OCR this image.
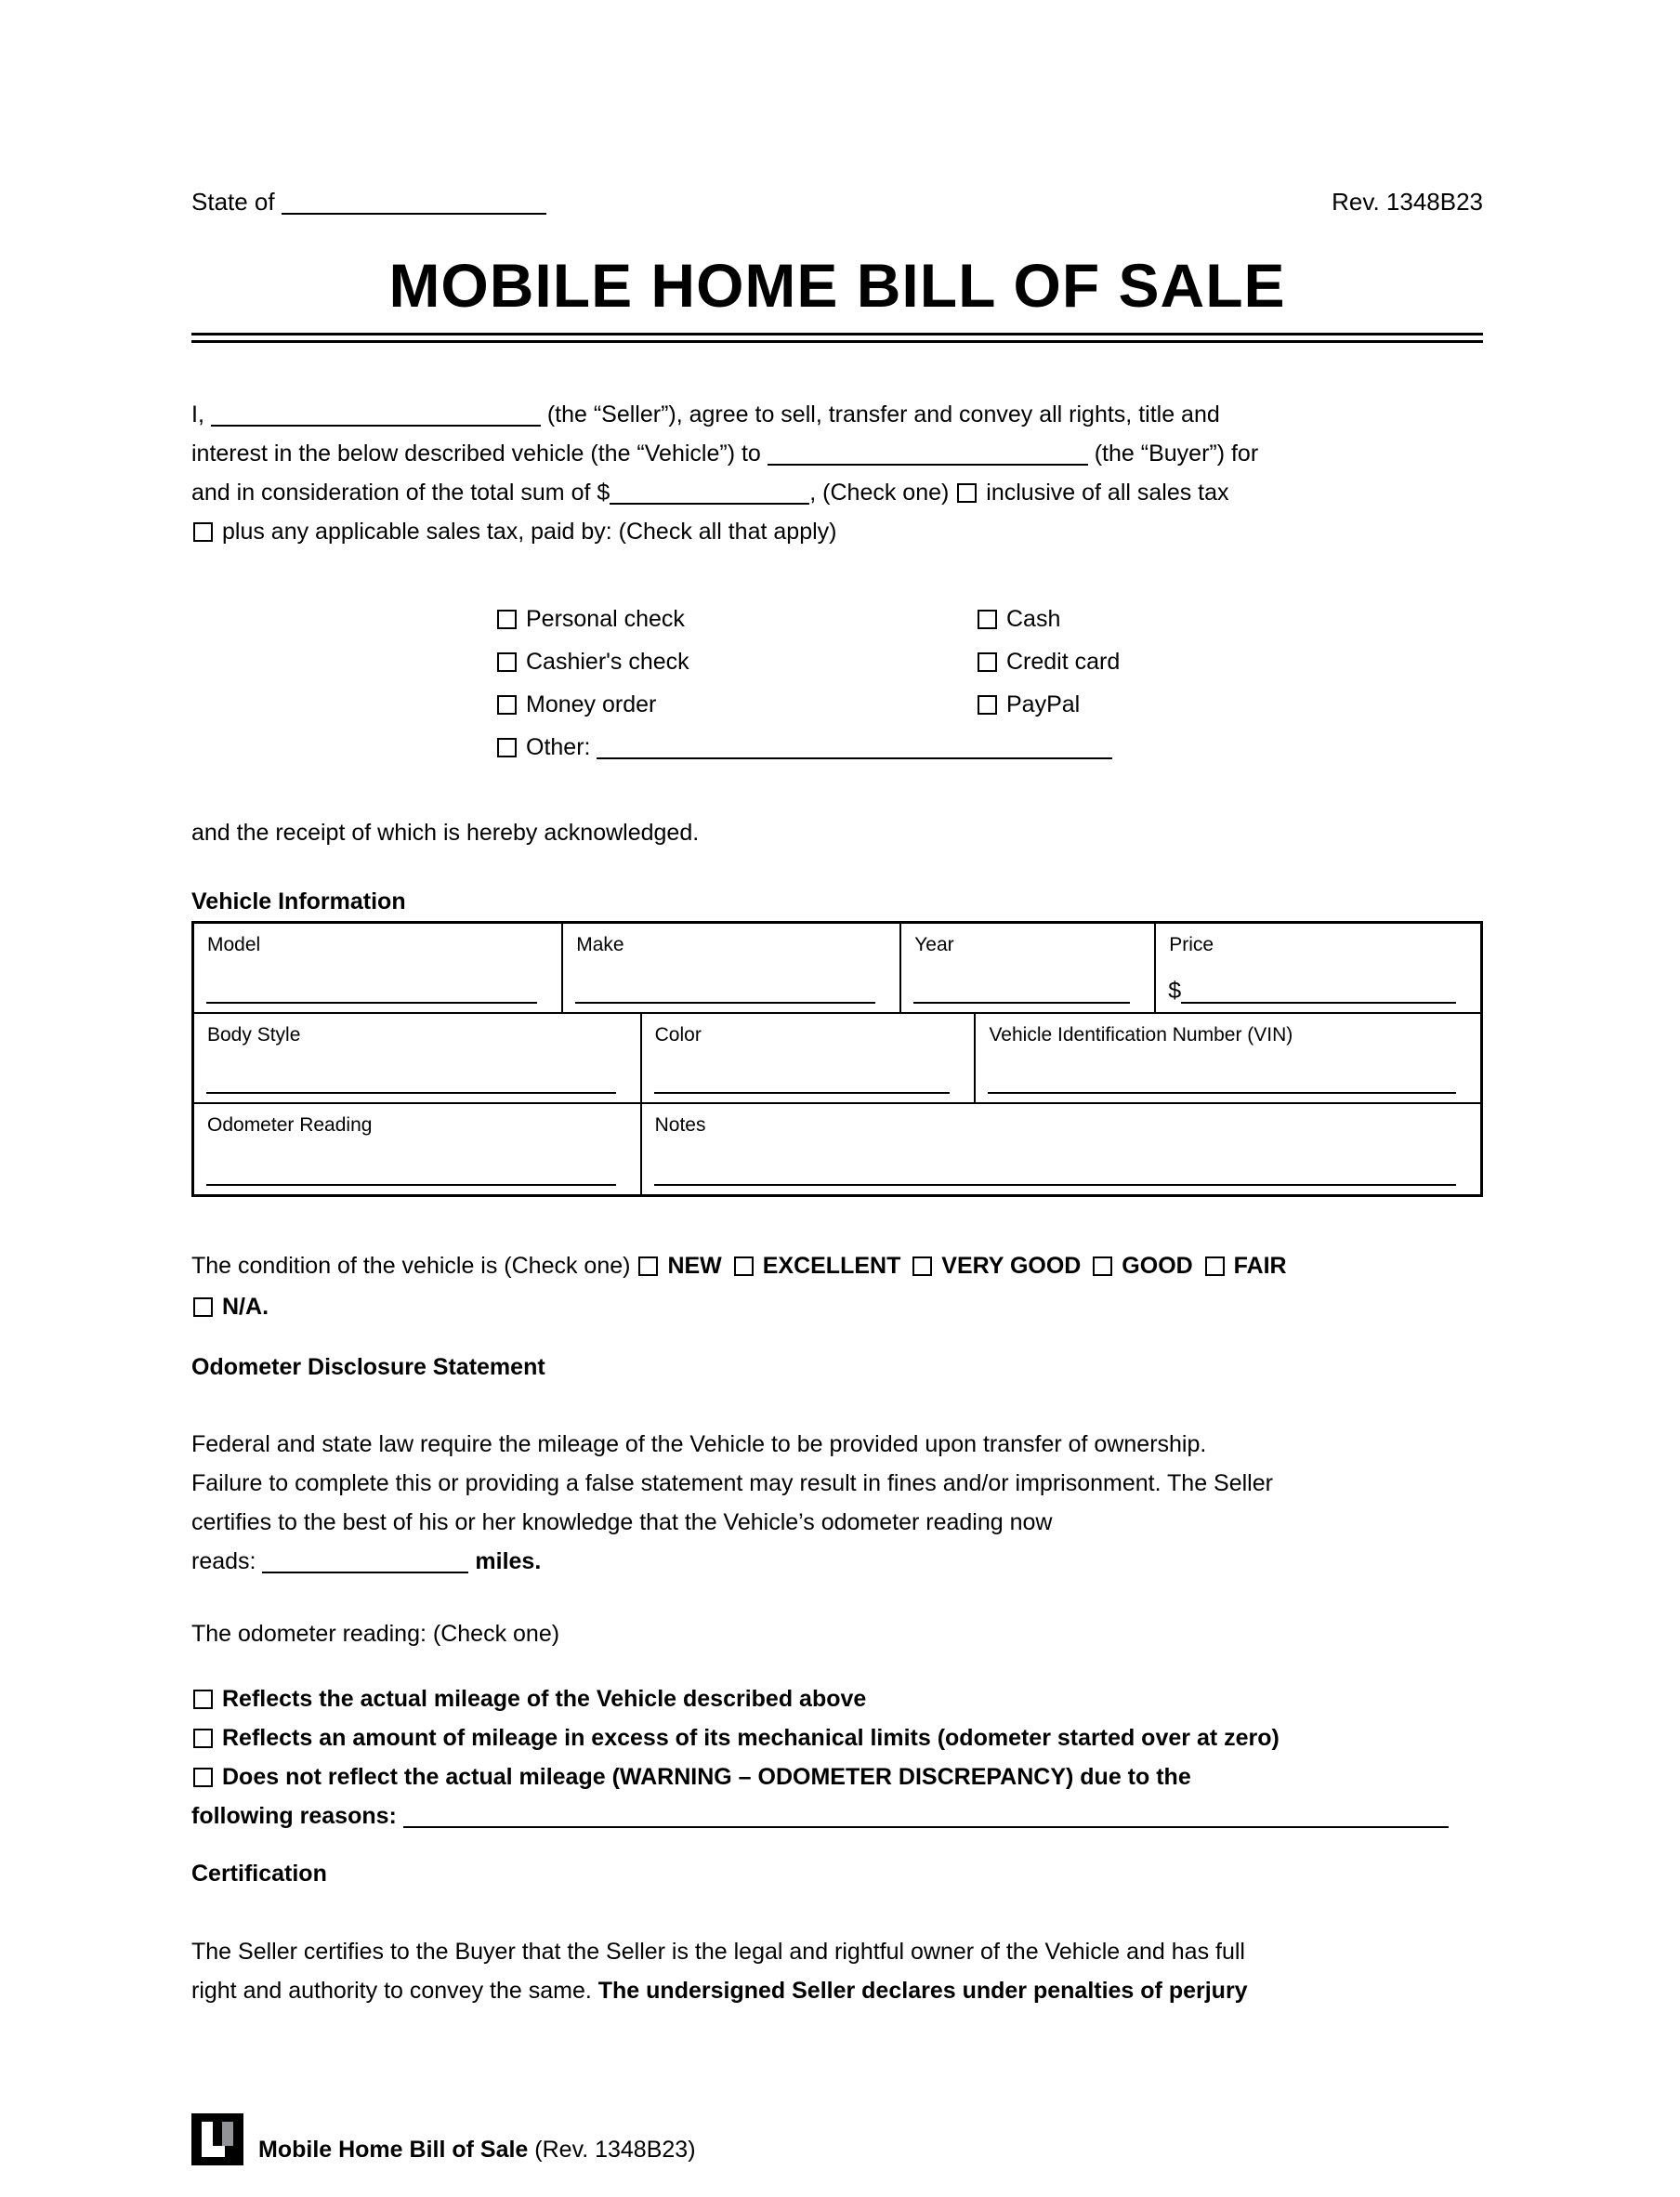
State of	Rev. 1348B23
MOBILE HOME BILL OF SALE

I,	(the “Seller”), agree to sell, transfer and convey all rights, title and
interest in the below described vehicle (the “Vehicle”) to	(the “Buyer”) for
and in consideration of the total sum of $	, (Check one) inclusive of all sales tax
plus any applicable sales tax, paid by: (Check all that apply)

Personal check	Cash
Cashier's check	Credit card
Money order	PayPal
Other:

and the receipt of which is hereby acknowledged.

Vehicle Information
Model	Make	Year	Price
$
Body Style	Color	Vehicle Identification Number (VIN)
Odometer Reading	Notes

The condition of the vehicle is (Check one) NEW EXCELLENT VERY GOOD GOOD FAIR
N/A.

Odometer Disclosure Statement

Federal and state law require the mileage of the Vehicle to be provided upon transfer of ownership.
Failure to complete this or providing a false statement may result in fines and/or imprisonment. The Seller
certifies to the best of his or her knowledge that the Vehicle’s odometer reading now
reads:	miles.

The odometer reading: (Check one)

Reflects the actual mileage of the Vehicle described above
Reflects an amount of mileage in excess of its mechanical limits (odometer started over at zero)
Does not reflect the actual mileage (WARNING – ODOMETER DISCREPANCY) due to the
following reasons:
Certification

The Seller certifies to the Buyer that the Seller is the legal and rightful owner of the Vehicle and has full
right and authority to convey the same. The undersigned Seller declares under penalties of perjury

Mobile Home Bill of Sale (Rev. 1348B23)
